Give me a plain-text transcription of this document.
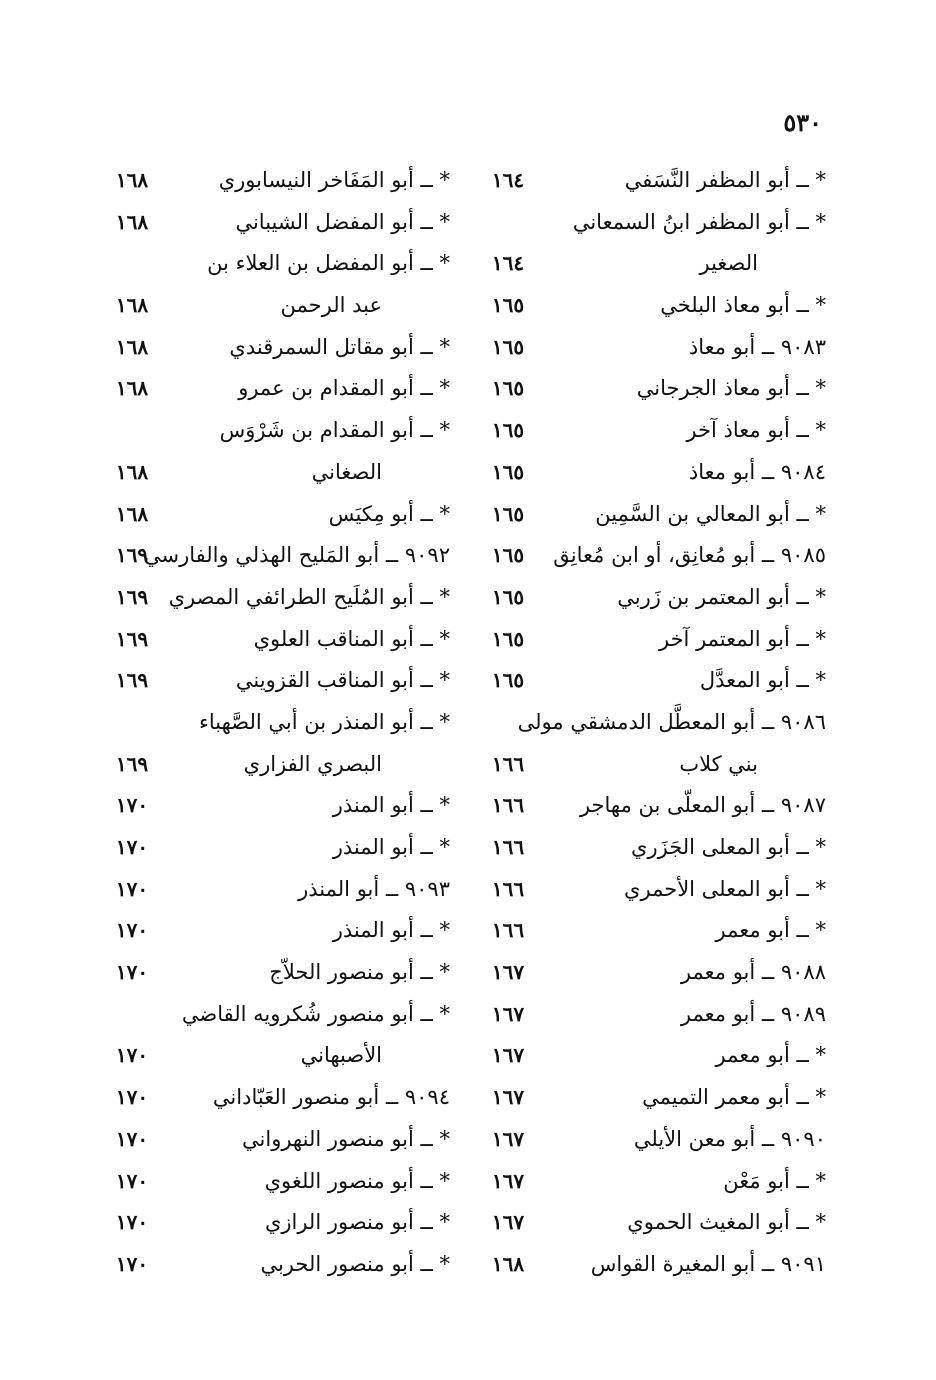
٥٣٠
* ــ أبو المظفر النَّسَفي
١٦٤
* ــ أبو المظفر ابنُ السمعاني
الصغير
١٦٤
* ــ أبو معاذ البلخي
١٦٥
٩٠٨٣ ــ أبو معاذ
١٦٥
* ــ أبو معاذ الجرجاني
١٦٥
* ــ أبو معاذ آخر
١٦٥
٩٠٨٤ ــ أبو معاذ
١٦٥
* ــ أبو المعالي بن السَّمِين
١٦٥
٩٠٨٥ ــ أبو مُعانِق، أو ابن مُعانِق
١٦٥
* ــ أبو المعتمر بن زَربي
١٦٥
* ــ أبو المعتمر آخر
١٦٥
* ــ أبو المعدَّل
١٦٥
٩٠٨٦ ــ أبو المعطَّل الدمشقي مولى
بني كلاب
١٦٦
٩٠٨٧ ــ أبو المعلّى بن مهاجر
١٦٦
* ــ أبو المعلى الجَزَري
١٦٦
* ــ أبو المعلى الأحمري
١٦٦
* ــ أبو معمر
١٦٦
٩٠٨٨ ــ أبو معمر
١٦٧
٩٠٨٩ ــ أبو معمر
١٦٧
* ــ أبو معمر
١٦٧
* ــ أبو معمر التميمي
١٦٧
٩٠٩٠ ــ أبو معن الأيلي
١٦٧
* ــ أبو مَعْن
١٦٧
* ــ أبو المغيث الحموي
١٦٧
٩٠٩١ ــ أبو المغيرة القواس
١٦٨
* ــ أبو المَفَاخر النيسابوري
١٦٨
* ــ أبو المفضل الشيباني
١٦٨
* ــ أبو المفضل بن العلاء بن
عبد الرحمن
١٦٨
* ــ أبو مقاتل السمرقندي
١٦٨
* ــ أبو المقدام بن عمرو
١٦٨
* ــ أبو المقدام بن شَرْوَس
الصغاني
١٦٨
* ــ أبو مِكيَس
١٦٨
٩٠٩٢ ــ أبو المَليح الهذلي والفارسي
١٦٩
* ــ أبو المُلَيح الطرائفي المصري
١٦٩
* ــ أبو المناقب العلوي
١٦٩
* ــ أبو المناقب القزويني
١٦٩
* ــ أبو المنذر بن أبي الصَّهباء
البصري الفزاري
١٦٩
* ــ أبو المنذر
١٧٠
* ــ أبو المنذر
١٧٠
٩٠٩٣ ــ أبو المنذر
١٧٠
* ــ أبو المنذر
١٧٠
* ــ أبو منصور الحلاّج
١٧٠
* ــ أبو منصور شُكرويه القاضي
الأصبهاني
١٧٠
٩٠٩٤ ــ أبو منصور العَبّاداني
١٧٠
* ــ أبو منصور النهرواني
١٧٠
* ــ أبو منصور اللغوي
١٧٠
* ــ أبو منصور الرازي
١٧٠
* ــ أبو منصور الحربي
١٧٠
